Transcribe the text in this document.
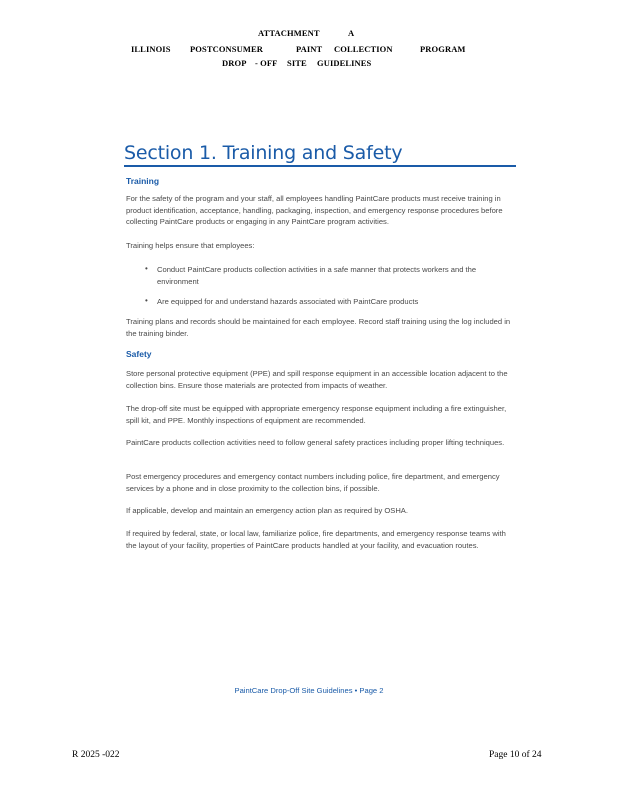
ATTACHMENT	A
ILLINOIS POSTCONSUMER	PAINT COLLECTION	PROGRAM
DROP - OFF SITE GUIDELINES
Section 1. Training and Safety
Training
For the safety of the program and your staff, all employees handling PaintCare products must receive training in product identification, acceptance, handling, packaging, inspection, and emergency response procedures before collecting PaintCare products or engaging in any PaintCare program activities.
Training helps ensure that employees:
• Conduct PaintCare products collection activities in a safe manner that protects workers and the environment
• Are equipped for and understand hazards associated with PaintCare products
Training plans and records should be maintained for each employee. Record staff training using the log included in the training binder.
Safety
Store personal protective equipment (PPE) and spill response equipment in an accessible location adjacent to the collection bins. Ensure those materials are protected from impacts of weather.
The drop-off site must be equipped with appropriate emergency response equipment including a fire extinguisher, spill kit, and PPE. Monthly inspections of equipment are recommended.
PaintCare products collection activities need to follow general safety practices including proper lifting techniques.
Post emergency procedures and emergency contact numbers including police, fire department, and emergency services by a phone and in close proximity to the collection bins, if possible.
If applicable, develop and maintain an emergency action plan as required by OSHA.
If required by federal, state, or local law, familiarize police, fire departments, and emergency response teams with the layout of your facility, properties of PaintCare products handled at your facility, and evacuation routes.
PaintCare Drop-Off Site Guidelines • Page 2
R 2025 -022	Page 10 of 24
